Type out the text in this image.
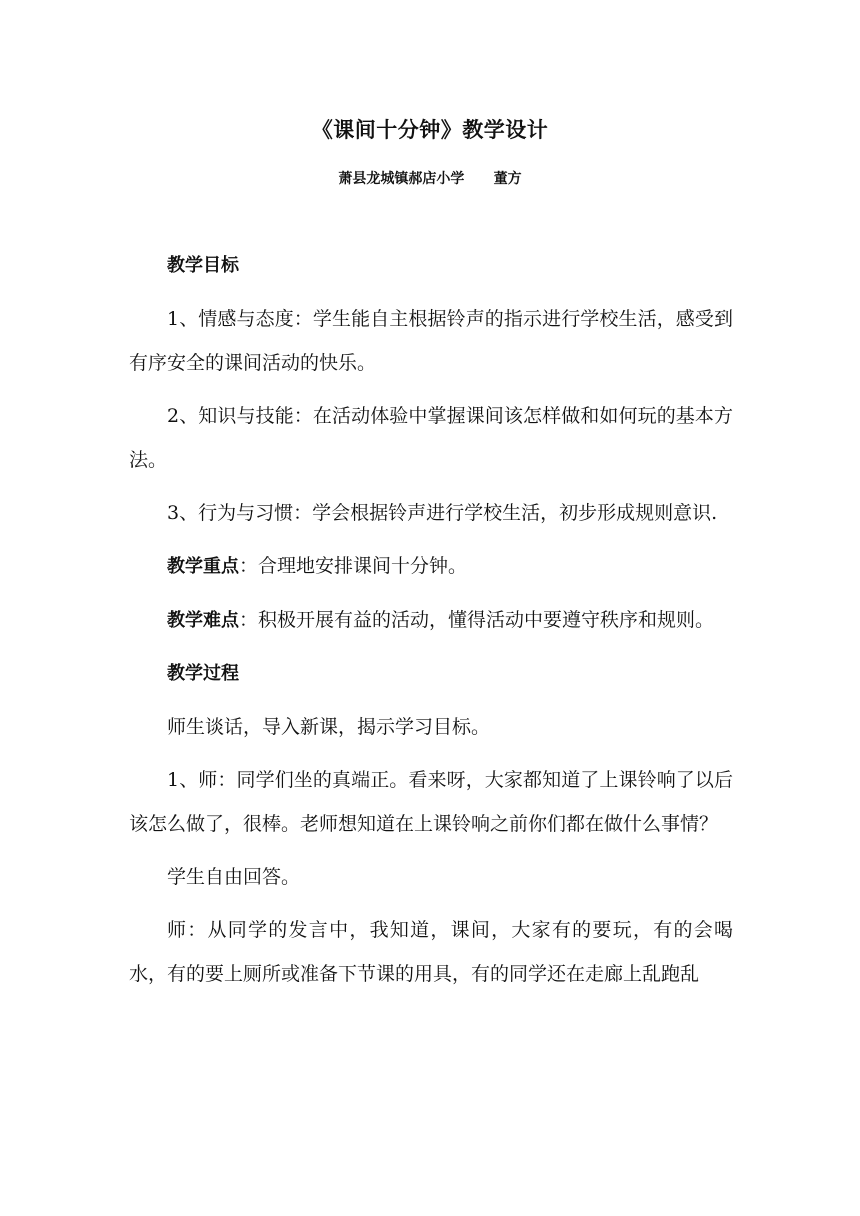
《课间十分钟》教学设计
萧县龙城镇郝店小学      董方

教学目标

1、情感与态度：学生能自主根据铃声的指示进行学校生活，感受到有序安全的课间活动的快乐。

2、知识与技能：在活动体验中掌握课间该怎样做和如何玩的基本方法。

3、行为与习惯：学会根据铃声进行学校生活，初步形成规则意识.

教学重点：合理地安排课间十分钟。

教学难点：积极开展有益的活动，懂得活动中要遵守秩序和规则。

教学过程

师生谈话，导入新课，揭示学习目标。

1、师：同学们坐的真端正。看来呀，大家都知道了上课铃响了以后该怎么做了，很棒。老师想知道在上课铃响之前你们都在做什么事情？

学生自由回答。

师：从同学的发言中，我知道，课间，大家有的要玩，有的会喝水，有的要上厕所或准备下节课的用具，有的同学还在走廊上乱跑乱
